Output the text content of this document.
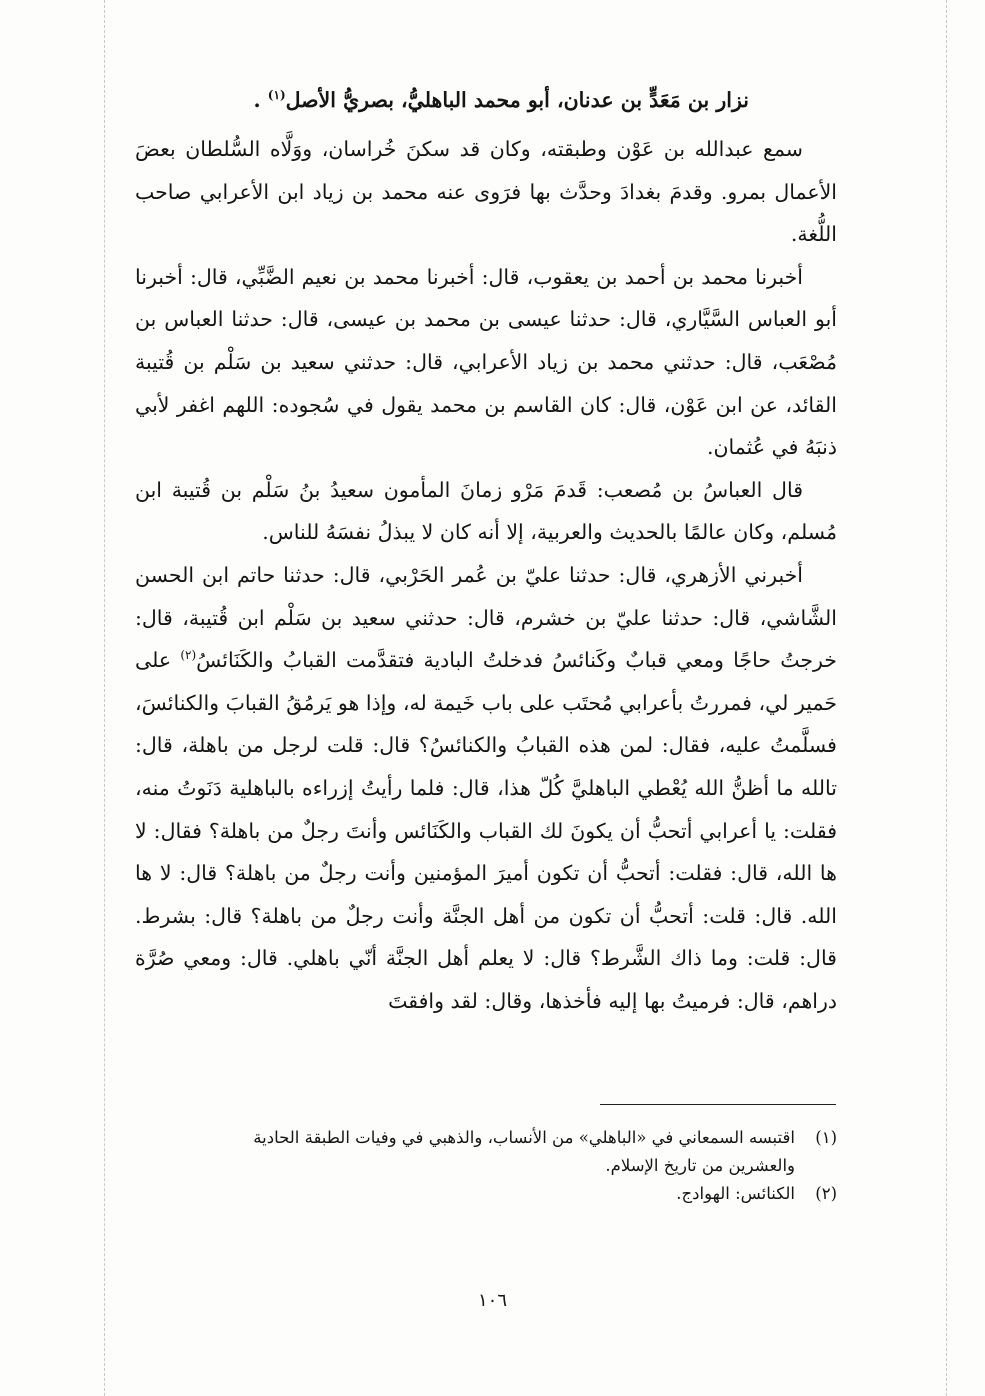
نزار بن مَعَدٍّ بن عدنان، أبو محمد الباهليُّ، بصريُّ الأصل$^{(١)}$ .

سمع عبدالله بن عَوْن وطبقته، وكان قد سكنَ خُراسان، ووَلَّاه السُّلطان بعضَ الأعمال بمرو. وقدمَ بغدادَ وحدَّث بها فرَوى عنه محمد بن زياد ابن الأعرابي صاحب اللُّغة.

أخبرنا محمد بن أحمد بن يعقوب، قال: أخبرنا محمد بن نعيم الضَّبِّي، قال: أخبرنا أبو العباس السَّيَّاري، قال: حدثنا عيسى بن محمد بن عيسى، قال: حدثنا العباس بن مُصْعَب، قال: حدثني محمد بن زياد الأعرابي، قال: حدثني سعيد بن سَلْم بن قُتيبة القائد، عن ابن عَوْن، قال: كان القاسم بن محمد يقول في سُجوده: اللهم اغفر لأبي ذنبَهُ في عُثمان.

قال العباسُ بن مُصعب: قَدمَ مَرْو زمانَ المأمون سعيدُ بنُ سَلْم بن قُتيبة ابن مُسلم، وكان عالمًا بالحديث والعربية، إلا أنه كان لا يبذلُ نفسَهُ للناس.

أخبرني الأزهري، قال: حدثنا عليّ بن عُمر الحَرْبي، قال: حدثنا حاتم ابن الحسن الشَّاشي، قال: حدثنا عليّ بن خشرم، قال: حدثني سعيد بن سَلْم ابن قُتيبة، قال: خرجتُ حاجًا ومعي قبابٌ وكَنائسُ فدخلتُ البادية فتقدَّمت القبابُ والكَنَائسُ$^{(٢)}$ على حَمير لي، فمررتُ بأعرابي مُحتَب على باب خَيمة له، وإذا هو يَرمُقُ القبابَ والكنائسَ، فسلَّمتُ عليه، فقال: لمن هذه القبابُ والكنائسُ؟ قال: قلت لرجل من باهلة، قال: تالله ما أظنُّ الله يُعْطي الباهليَّ كُلّ هذا، قال: فلما رأيتُ إزراءه بالباهلية دَنَوتُ منه، فقلت: يا أعرابي أتحبُّ أن يكونَ لك القباب والكَنَائس وأنتَ رجلٌ من باهلة؟ فقال: لا ها الله، قال: فقلت: أتحبُّ أن تكون أميرَ المؤمنين وأنت رجلٌ من باهلة؟ قال: لا ها الله. قال: قلت: أتحبُّ أن تكون من أهل الجنَّة وأنت رجلٌ من باهلة؟ قال: بشرط. قال: قلت: وما ذاك الشَّرط؟ قال: لا يعلم أهل الجنَّة أنّي باهلي. قال: ومعي صُرَّة دراهم، قال: فرميتُ بها إليه فأخذها، وقال: لقد وافقتَ

(١)اقتبسه السمعاني في «الباهلي» من الأنساب، والذهبي في وفيات الطبقة الحادية

والعشرين من تاريخ الإسلام.

(٢)الكنائس: الهوادج.

١٠٦
